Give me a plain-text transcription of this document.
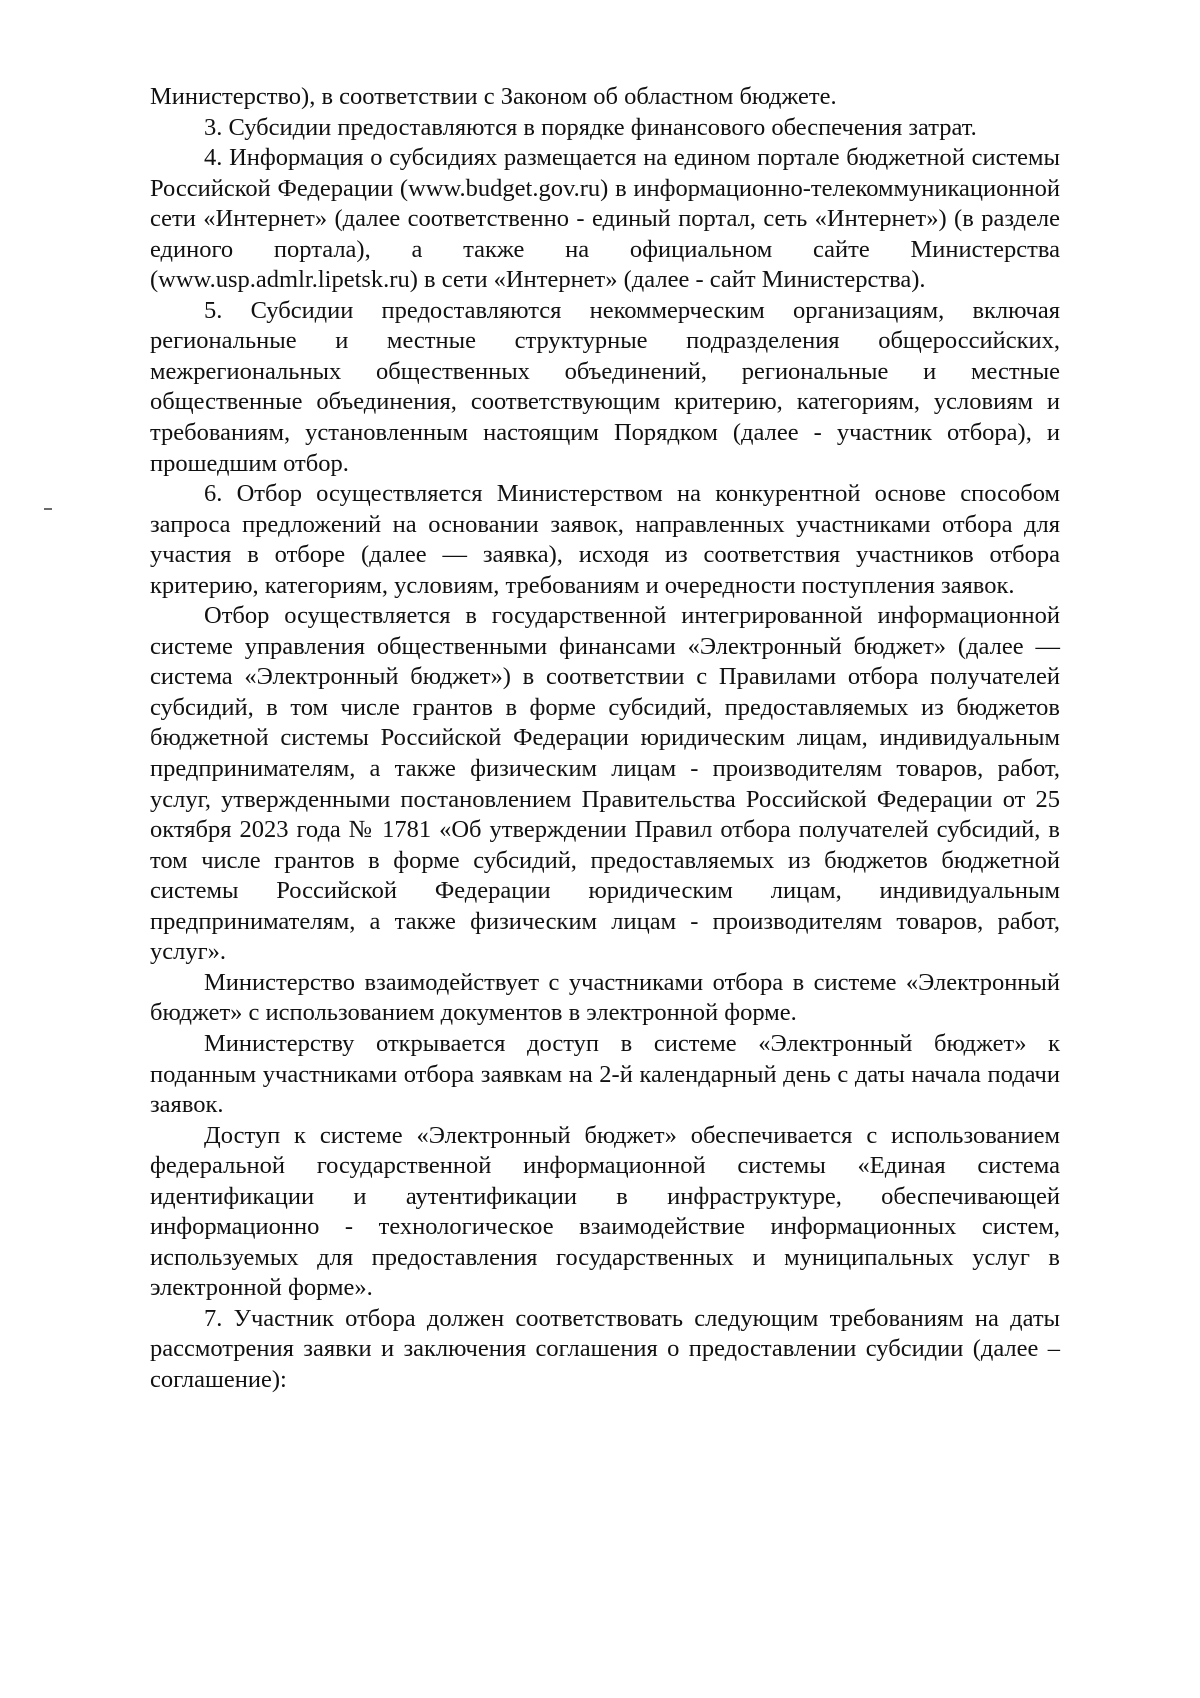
Министерство), в соответствии с Законом об областном бюджете.

3. Субсидии предоставляются в порядке финансового обеспечения затрат.

4. Информация о субсидиях размещается на едином портале бюджетной системы Российской Федерации (www.budget.gov.ru) в информационно-телекоммуникационной сети «Интернет» (далее соответственно - единый портал, сеть «Интернет») (в разделе единого портала), а также на официальном сайте Министерства (www.usp.admlr.lipetsk.ru) в сети «Интернет» (далее - сайт Министерства).

5. Субсидии предоставляются некоммерческим организациям, включая региональные и местные структурные подразделения общероссийских, межрегиональных общественных объединений, региональные и местные общественные объединения, соответствующим критерию, категориям, условиям и требованиям, установленным настоящим Порядком (далее - участник отбора), и прошедшим отбор.

6. Отбор осуществляется Министерством на конкурентной основе способом запроса предложений на основании заявок, направленных участниками отбора для участия в отборе (далее — заявка), исходя из соответствия участников отбора критерию, категориям, условиям, требованиям и очередности поступления заявок.

Отбор осуществляется в государственной интегрированной информационной системе управления общественными финансами «Электронный бюджет» (далее — система «Электронный бюджет») в соответствии с Правилами отбора получателей субсидий, в том числе грантов в форме субсидий, предоставляемых из бюджетов бюджетной системы Российской Федерации юридическим лицам, индивидуальным предпринимателям, а также физическим лицам - производителям товаров, работ, услуг, утвержденными постановлением Правительства Российской Федерации от 25 октября 2023 года № 1781 «Об утверждении Правил отбора получателей субсидий, в том числе грантов в форме субсидий, предоставляемых из бюджетов бюджетной системы Российской Федерации юридическим лицам, индивидуальным предпринимателям, а также физическим лицам - производителям товаров, работ, услуг».

Министерство взаимодействует с участниками отбора в системе «Электронный бюджет» с использованием документов в электронной форме.

Министерству открывается доступ в системе «Электронный бюджет» к поданным участниками отбора заявкам на 2-й календарный день с даты начала подачи заявок.

Доступ к системе «Электронный бюджет» обеспечивается с использованием федеральной государственной информационной системы «Единая система идентификации и аутентификации в инфраструктуре, обеспечивающей информационно - технологическое взаимодействие информационных систем, используемых для предоставления государственных и муниципальных услуг в электронной форме».

7. Участник отбора должен соответствовать следующим требованиям на даты рассмотрения заявки и заключения соглашения о предоставлении субсидии (далее – соглашение):
